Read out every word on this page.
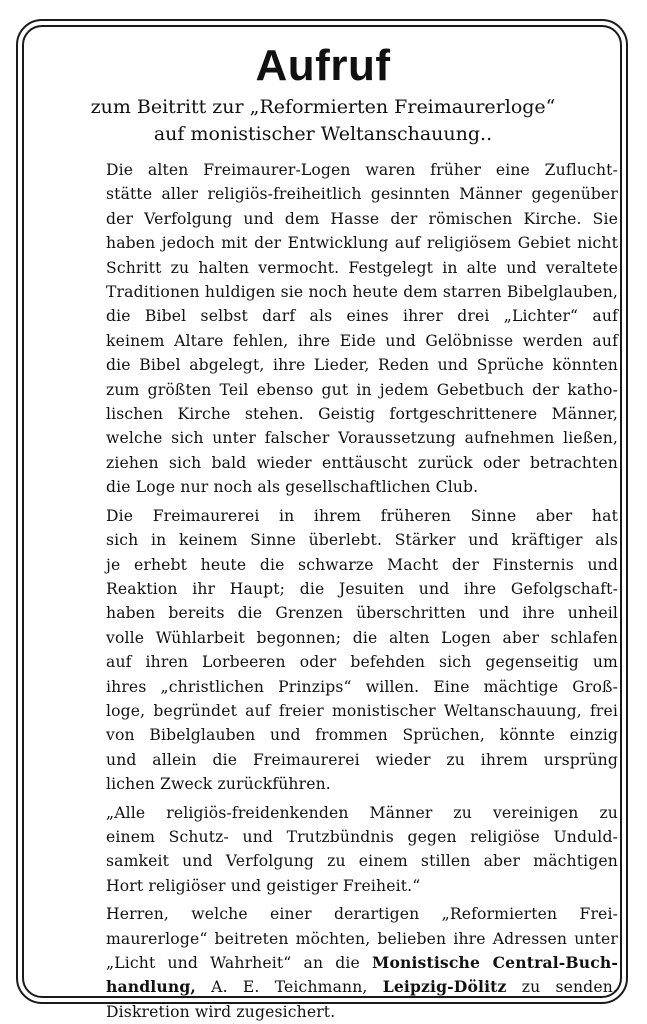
Aufruf
zum Beitritt zur „Reformierten Freimaurerloge“
auf monistischer Weltanschauung..
Die alten Freimaurer-Logen waren früher eine Zuflucht-
stätte aller religiös-freiheitlich gesinnten Männer gegenüber
der Verfolgung und dem Hasse der römischen Kirche. Sie
haben jedoch mit der Entwicklung auf religiösem Gebiet nicht
Schritt zu halten vermocht. Festgelegt in alte und veraltete
Traditionen huldigen sie noch heute dem starren Bibelglauben,
die Bibel selbst darf als eines ihrer drei „Lichter“ auf
keinem Altare fehlen, ihre Eide und Gelöbnisse werden auf
die Bibel abgelegt, ihre Lieder, Reden und Sprüche könnten
zum größten Teil ebenso gut in jedem Gebetbuch der katho-
lischen Kirche stehen. Geistig fortgeschrittenere Männer,
welche sich unter falscher Voraussetzung aufnehmen ließen,
ziehen sich bald wieder enttäuscht zurück oder betrachten
die Loge nur noch als gesellschaftlichen Club.
Die Freimaurerei in ihrem früheren Sinne aber hat
sich in keinem Sinne überlebt. Stärker und kräftiger als
je erhebt heute die schwarze Macht der Finsternis und
Reaktion ihr Haupt; die Jesuiten und ihre Gefolgschaft-
haben bereits die Grenzen überschritten und ihre unheil
volle Wühlarbeit begonnen; die alten Logen aber schlafen
auf ihren Lorbeeren oder befehden sich gegenseitig um
ihres „christlichen Prinzips“ willen. Eine mächtige Groß-
loge, begründet auf freier monistischer Weltanschauung, frei
von Bibelglauben und frommen Sprüchen, könnte einzig
und allein die Freimaurerei wieder zu ihrem ursprüng
lichen Zweck zurückführen.
„Alle religiös-freidenkenden Männer zu vereinigen zu
einem Schutz- und Trutzbündnis gegen religiöse Unduld-
samkeit und Verfolgung zu einem stillen aber mächtigen
Hort religiöser und geistiger Freiheit.“
Herren, welche einer derartigen „Reformierten Frei-
maurerloge“ beitreten möchten, belieben ihre Adressen unter
„Licht und Wahrheit“ an die Monistische Central-Buch-
handlung, A. E. Teichmann, Leipzig-Dölitz zu senden.
Diskretion wird zugesichert.
